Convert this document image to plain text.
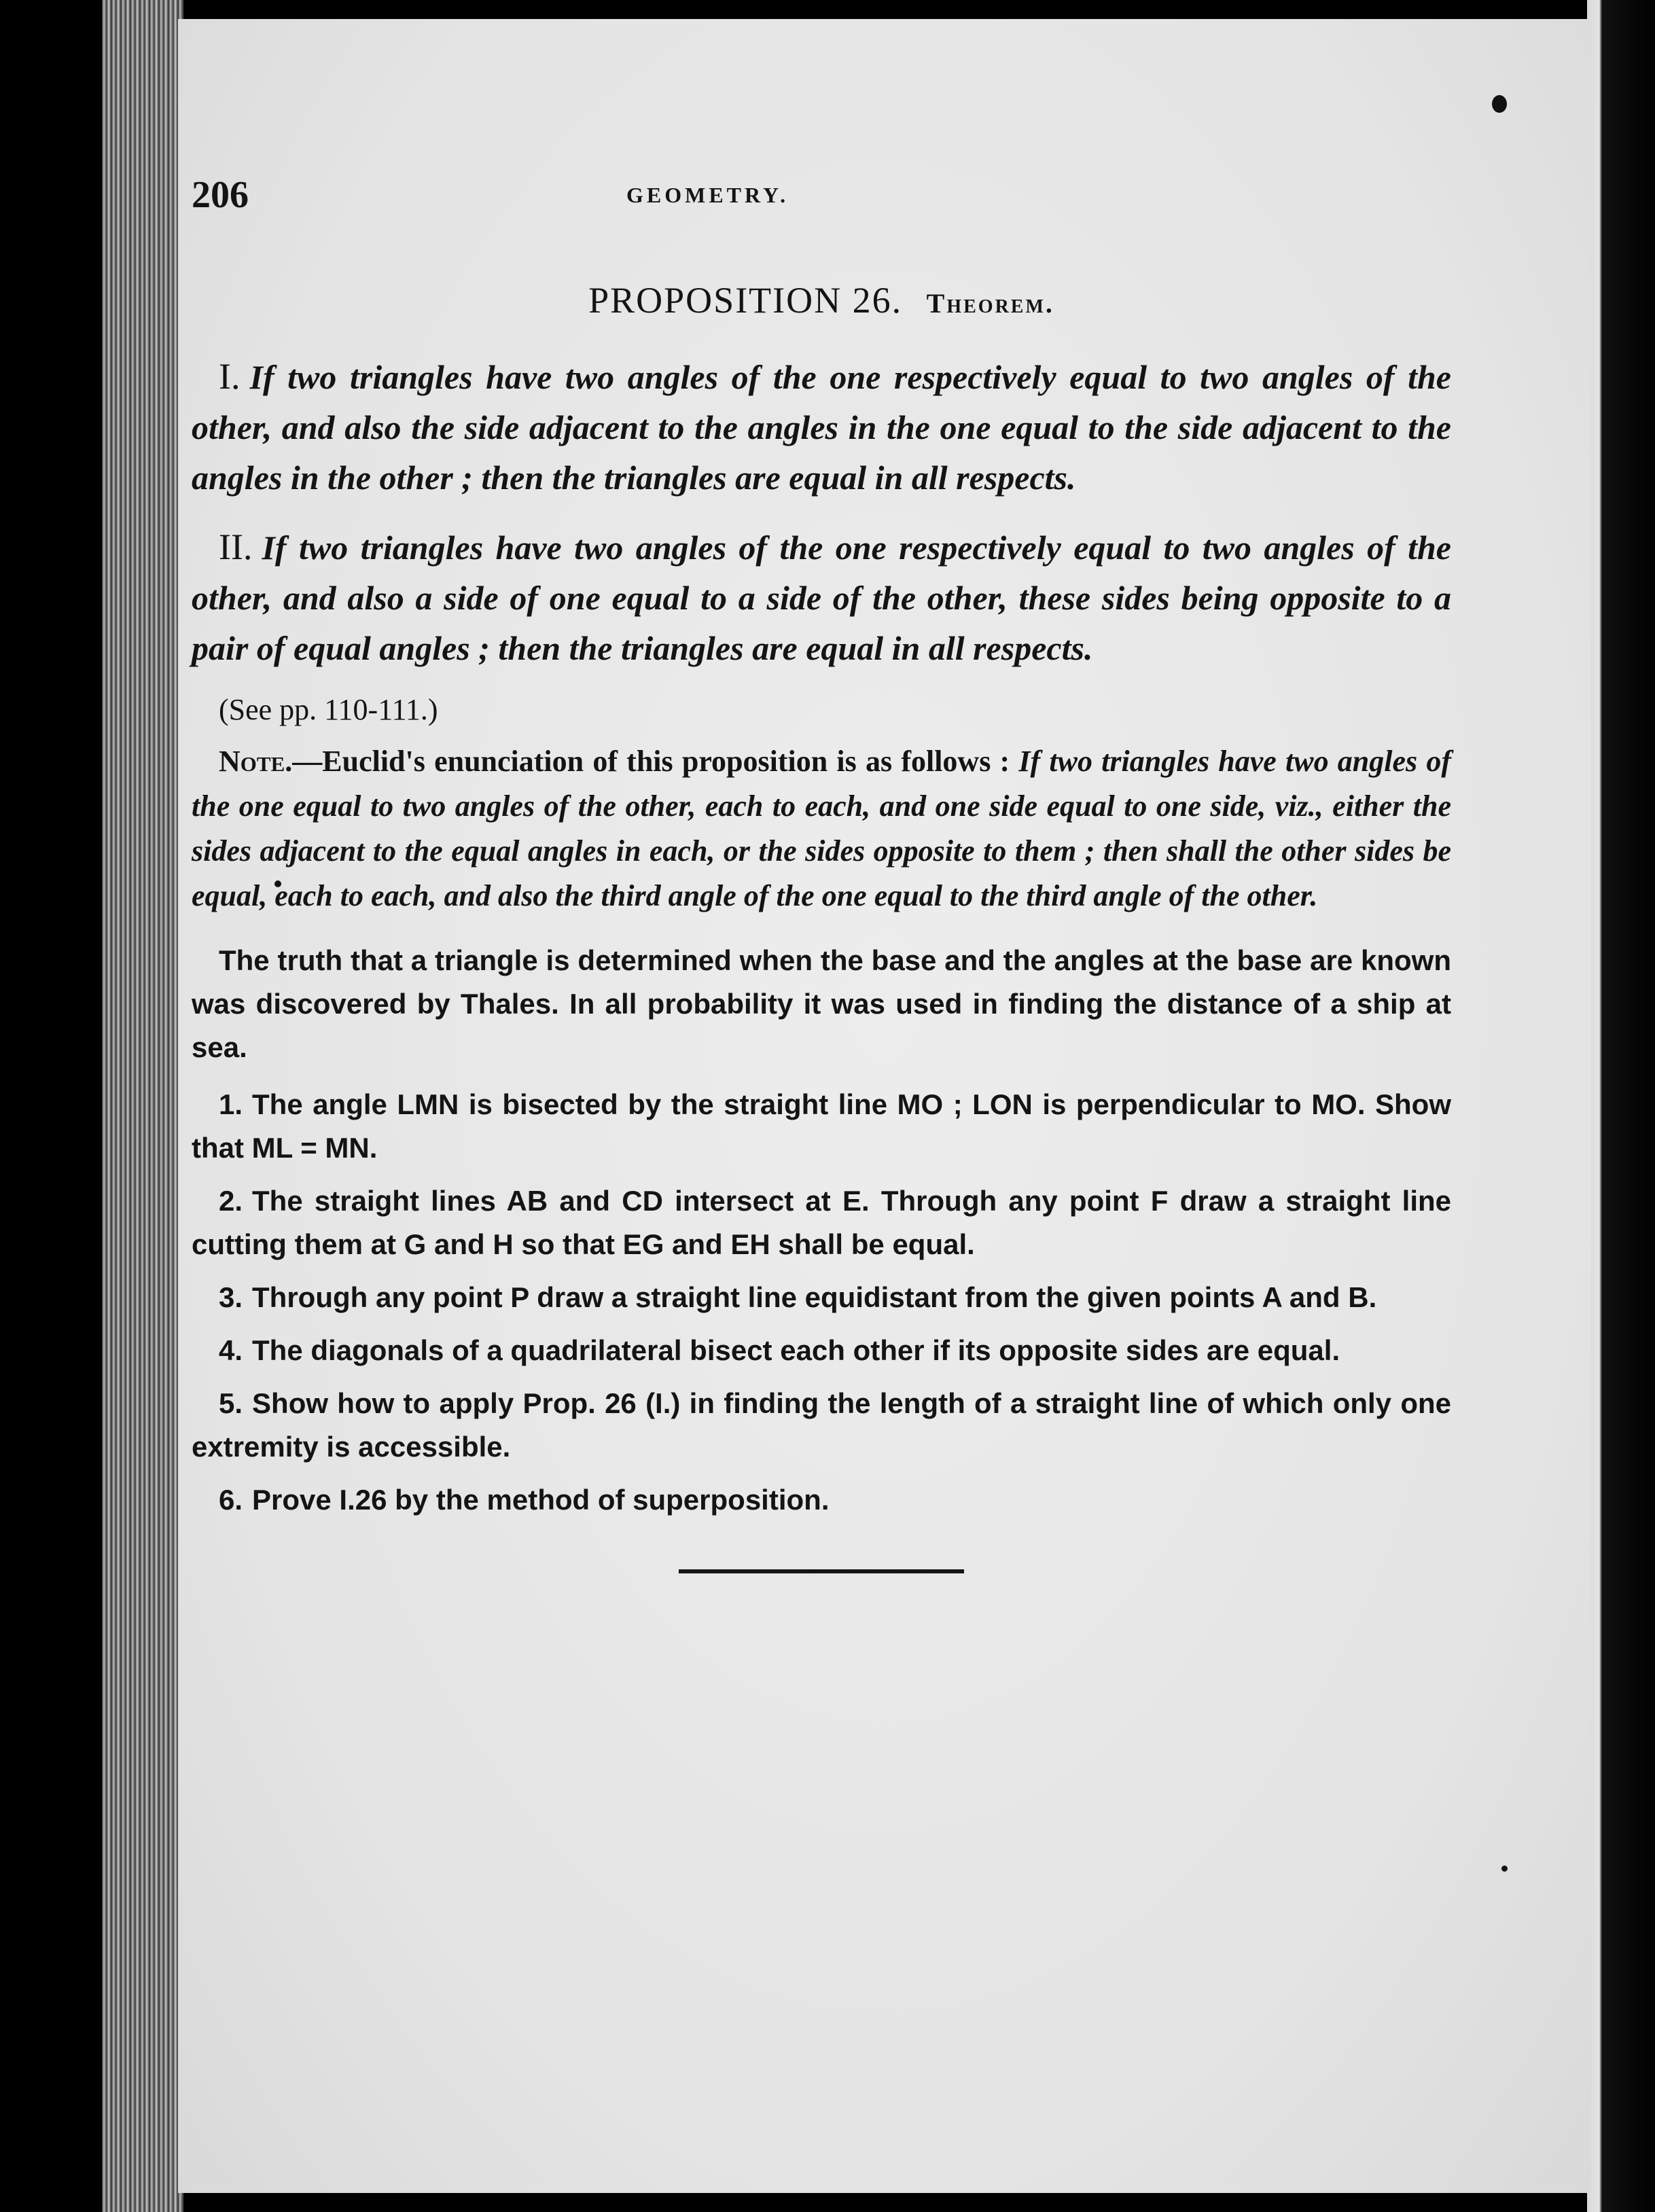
206	GEOMETRY.
PROPOSITION 26. Theorem.

I. If two triangles have two angles of the one respectively equal to two angles of the other, and also the side adjacent to the angles in the one equal to the side adjacent to the angles in the other ; then the triangles are equal in all respects.

II. If two triangles have two angles of the one respectively equal to two angles of the other, and also a side of one equal to a side of the other, these sides being opposite to a pair of equal angles ; then the triangles are equal in all respects.

(See pp. 110-111.)

Note.—Euclid's enunciation of this proposition is as follows : If two triangles have two angles of the one equal to two angles of the other, each to each, and one side equal to one side, viz., either the sides adjacent to the equal angles in each, or the sides opposite to them ; then shall the other sides be equal, each to each, and also the third angle of the one equal to the third angle of the other.

The truth that a triangle is determined when the base and the angles at the base are known was discovered by Thales. In all probability it was used in finding the distance of a ship at sea.

1. The angle LMN is bisected by the straight line MO ; LON is perpendicular to MO. Show that ML = MN.

2. The straight lines AB and CD intersect at E. Through any point F draw a straight line cutting them at G and H so that EG and EH shall be equal.

3. Through any point P draw a straight line equidistant from the given points A and B.

4. The diagonals of a quadrilateral bisect each other if its opposite sides are equal.

5. Show how to apply Prop. 26 (I.) in finding the length of a straight line of which only one extremity is accessible.

6. Prove I.26 by the method of superposition.
